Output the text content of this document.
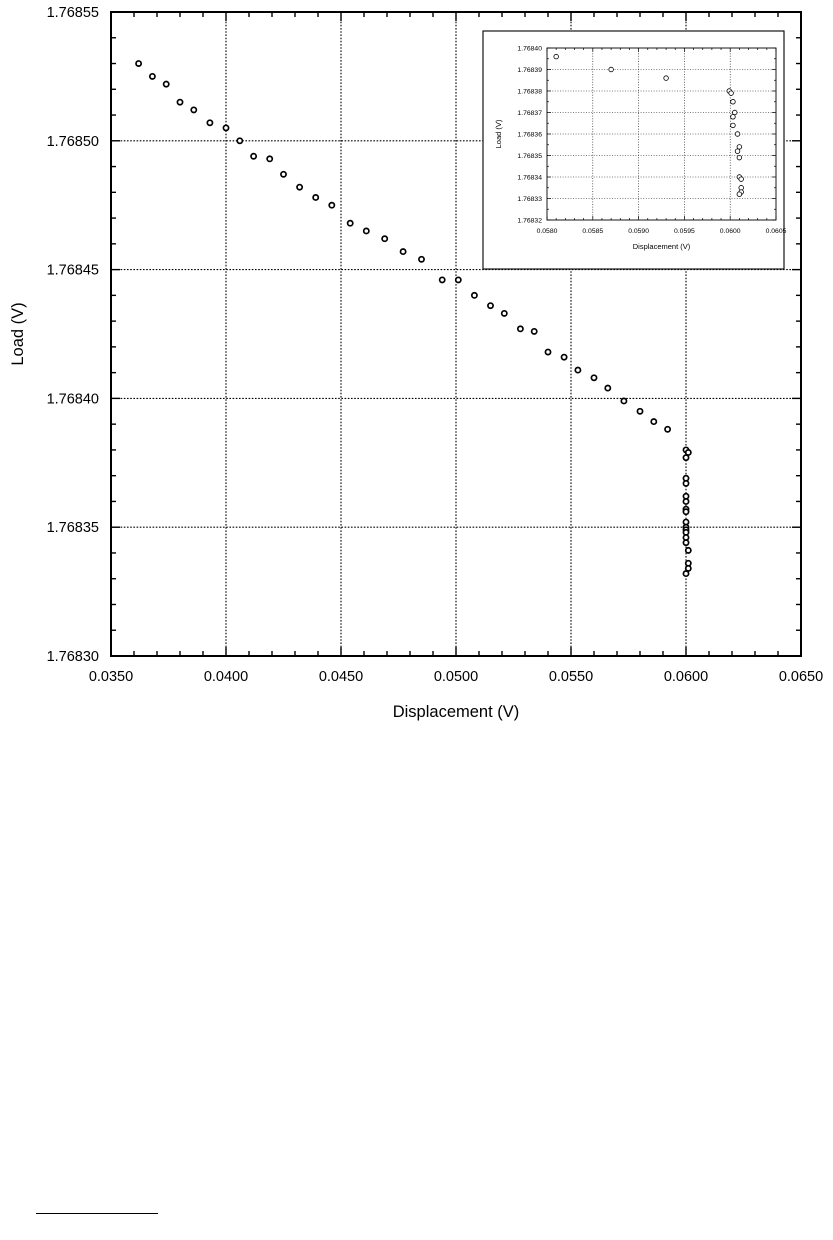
0.0350	0.0400	0.0450	0.0500	0.0550	0.0600	0.0650
1.76830
1.76835
1.76840
1.76845
1.76850
1.76855
Displacement (V)
Load (V)
0.0580	0.0585	0.0590	0.0595	0.0600	0.0605
1.76832
1.76833
1.76834
1.76835
1.76836
1.76837
1.76838
1.76839
1.76840
Displacement (V)
Load (V)
